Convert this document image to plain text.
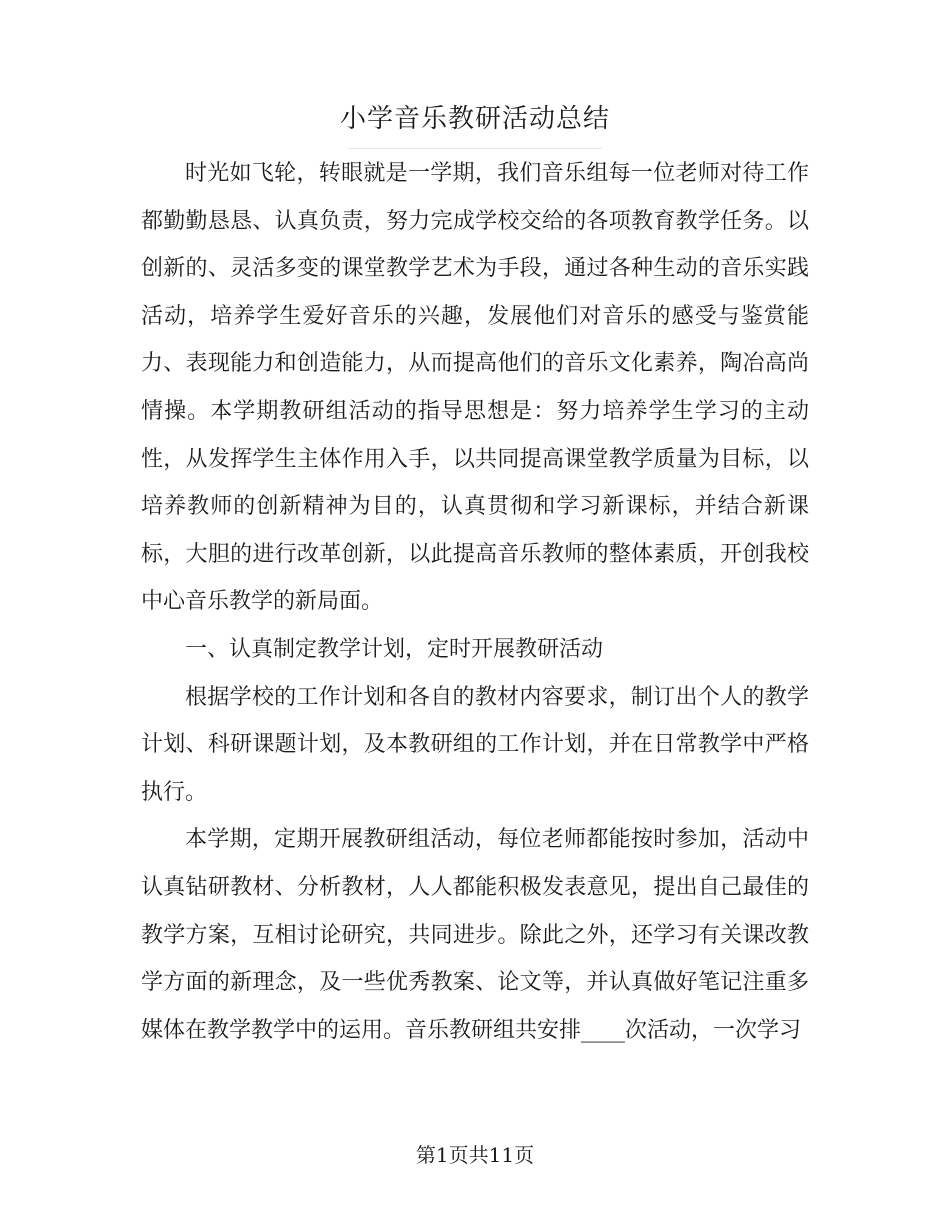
小学音乐教研活动总结

时光如飞轮，转眼就是一学期，我们音乐组每一位老师对待工作都勤勤恳恳、认真负责，努力完成学校交给的各项教育教学任务。以创新的、灵活多变的课堂教学艺术为手段，通过各种生动的音乐实践活动，培养学生爱好音乐的兴趣，发展他们对音乐的感受与鉴赏能力、表现能力和创造能力，从而提高他们的音乐文化素养，陶冶高尚情操。本学期教研组活动的指导思想是：努力培养学生学习的主动性，从发挥学生主体作用入手，以共同提高课堂教学质量为目标，以培养教师的创新精神为目的，认真贯彻和学习新课标，并结合新课标，大胆的进行改革创新，以此提高音乐教师的整体素质，开创我校中心音乐教学的新局面。

一、认真制定教学计划，定时开展教研活动

根据学校的工作计划和各自的教材内容要求，制订出个人的教学计划、科研课题计划，及本教研组的工作计划，并在日常教学中严格执行。

本学期，定期开展教研组活动，每位老师都能按时参加，活动中认真钻研教材、分析教材，人人都能积极发表意见，提出自己最佳的教学方案，互相讨论研究，共同进步。除此之外，还学习有关课改教学方面的新理念，及一些优秀教案、论文等，并认真做好笔记注重多媒体在教学教学中的运用。音乐教研组共安排____次活动，一次学习

第1页共11页
